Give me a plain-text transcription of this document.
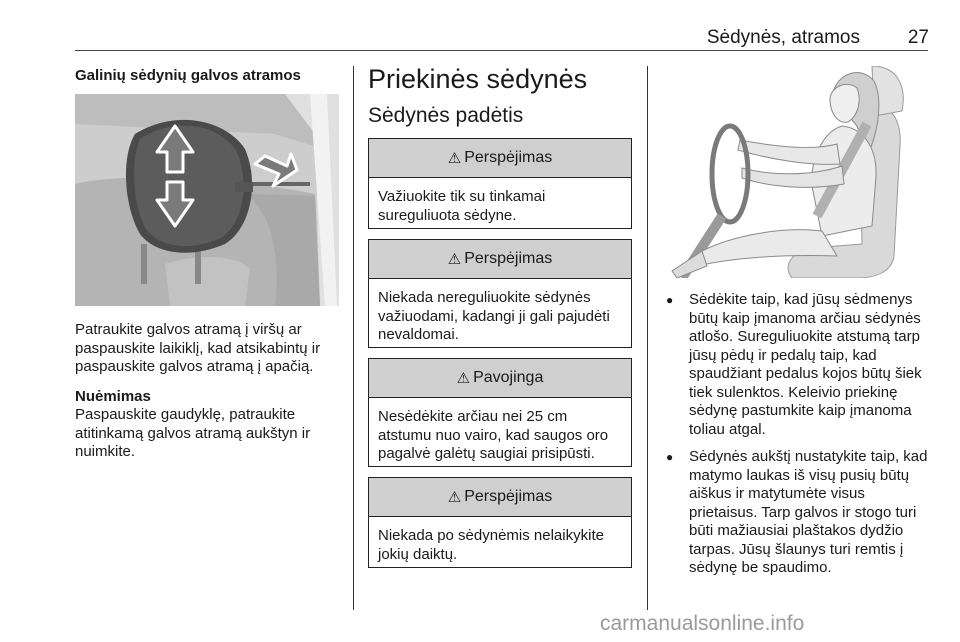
Sėdynės, atramos	27
Galinių sėdynių galvos atramos
Patraukite galvos atramą į viršų ar paspauskite laikiklį, kad atsikabintų ir paspauskite galvos atramą į apačią.
Nuėmimas
Paspauskite gaudyklę, patraukite atitinkamą galvos atramą aukštyn ir nuimkite.
Priekinės sėdynės
Sėdynės padėtis
⚠ Perspėjimas
Važiuokite tik su tinkamai sureguliuota sėdyne.
⚠ Perspėjimas
Niekada nereguliuokite sėdynės važiuodami, kadangi ji gali pajudėti nevaldomai.
⚠ Pavojinga
Nesėdėkite arčiau nei 25 cm atstumu nuo vairo, kad saugos oro pagalvė galėtų saugiai prisipūsti.
⚠ Perspėjimas
Niekada po sėdynėmis nelaikykite jokių daiktų.
● Sėdėkite taip, kad jūsų sėdmenys būtų kaip įmanoma arčiau sėdynės atlošo. Sureguliuokite atstumą tarp jūsų pėdų ir pedalų taip, kad spaudžiant pedalus kojos būtų šiek tiek sulenktos. Keleivio priekinę sėdynę pastumkite kaip įmanoma toliau atgal.
● Sėdynės aukštį nustatykite taip, kad matymo laukas iš visų pusių būtų aiškus ir matytumėte visus prietaisus. Tarp galvos ir stogo turi būti mažiausiai plaštakos dydžio tarpas. Jūsų šlaunys turi remtis į sėdynę be spaudimo.
carmanualsonline.info
